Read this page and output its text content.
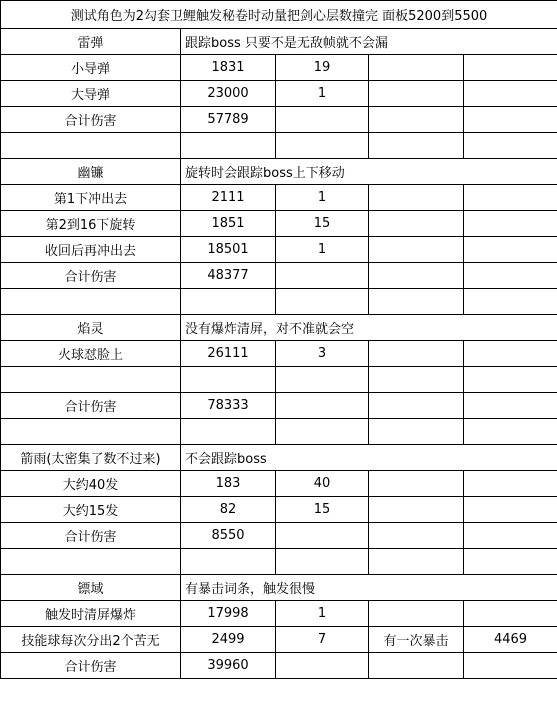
测试角色为2勾套卫鲤触发秘卷时动量把剑心层数撞完 面板5200到5500				
雷弹	跟踪boss 只要不是无敌帧就不会漏			
小导弹	1831	19		
大导弹	23000	1		
合计伤害	57789			

幽镰	旋转时会跟踪boss上下移动			
第1下冲出去	2111	1		
第2到16下旋转	1851	15		
收回后再冲出去	18501	1		
合计伤害	48377			

焰灵	没有爆炸清屏，对不准就会空			
火球怼脸上	26111	3		

合计伤害	78333			

箭雨(太密集了数不过来)	不会跟踪boss			
大约40发	183	40		
大约15发	82	15		
合计伤害	8550			

镖域	有暴击词条，触发很慢			
触发时清屏爆炸	17998	1		
技能球每次分出2个苦无	2499	7	有一次暴击	4469
合计伤害	39960			
